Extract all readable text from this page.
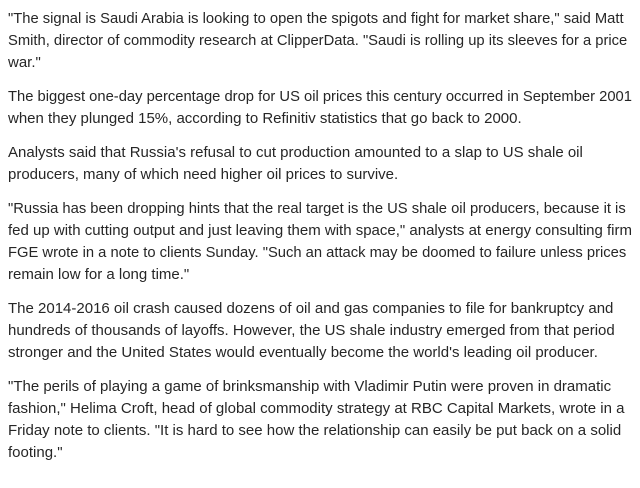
"The signal is Saudi Arabia is looking to open the spigots and fight for market share," said Matt
Smith, director of commodity research at ClipperData. "Saudi is rolling up its sleeves for a price
war."

The biggest one-day percentage drop for US oil prices this century occurred in September 2001
when they plunged 15%, according to Refinitiv statistics that go back to 2000.

Analysts said that Russia's refusal to cut production amounted to a slap to US shale oil
producers, many of which need higher oil prices to survive.

"Russia has been dropping hints that the real target is the US shale oil producers, because it is
fed up with cutting output and just leaving them with space," analysts at energy consulting firm
FGE wrote in a note to clients Sunday. "Such an attack may be doomed to failure unless prices
remain low for a long time."

The 2014-2016 oil crash caused dozens of oil and gas companies to file for bankruptcy and
hundreds of thousands of layoffs. However, the US shale industry emerged from that period
stronger and the United States would eventually become the world's leading oil producer.

"The perils of playing a game of brinksmanship with Vladimir Putin were proven in dramatic
fashion," Helima Croft, head of global commodity strategy at RBC Capital Markets, wrote in a
Friday note to clients. "It is hard to see how the relationship can easily be put back on a solid
footing."
